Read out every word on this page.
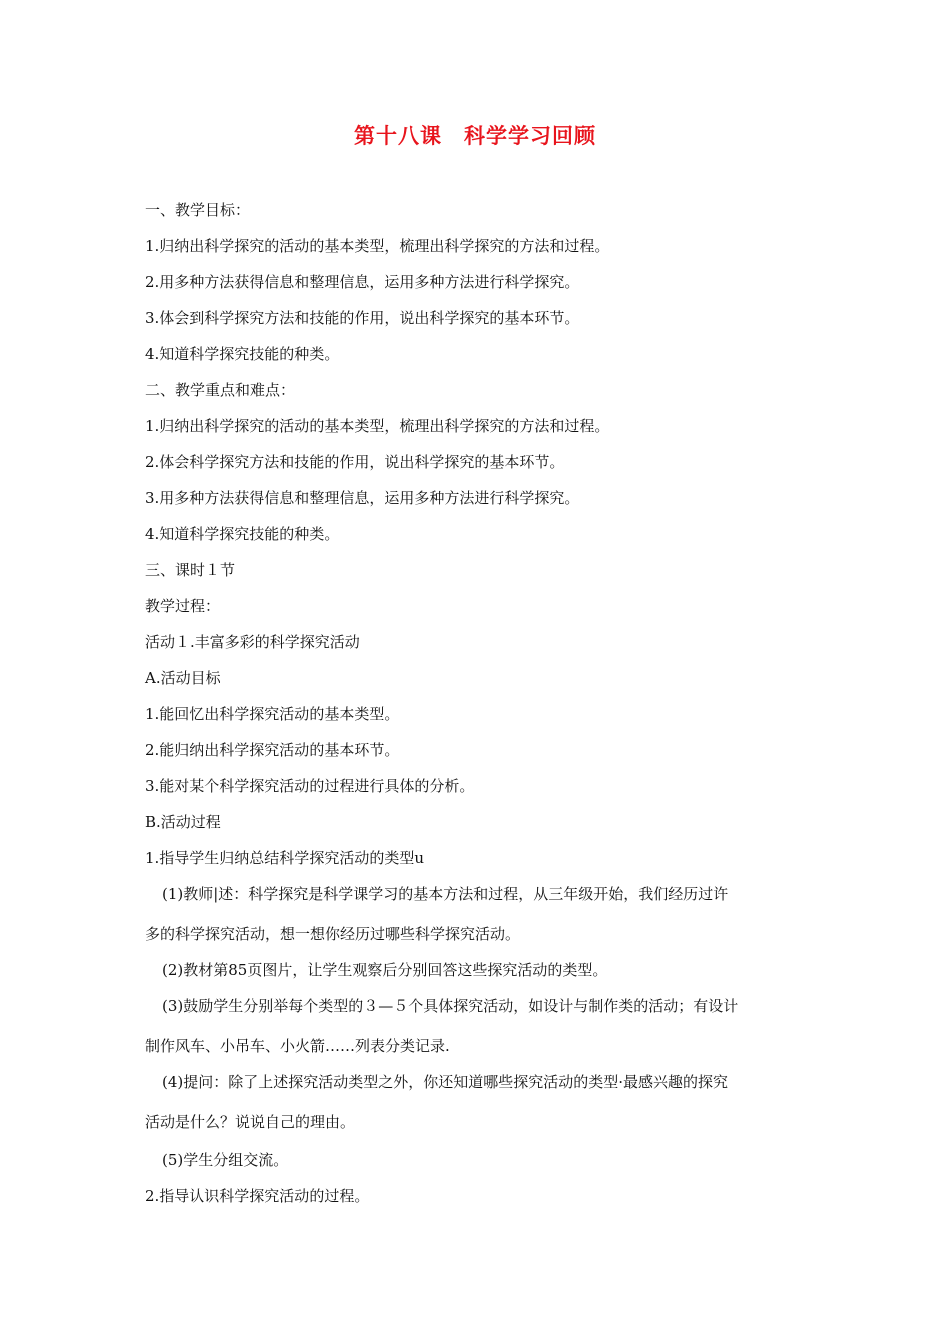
第十八课　科学学习回顾
一、教学目标：
1.归纳出科学探究的活动的基本类型，梳理出科学探究的方法和过程。
2.用多种方法获得信息和整理信息，运用多种方法进行科学探究。
3.体会到科学探究方法和技能的作用，说出科学探究的基本环节。
4.知道科学探究技能的种类。
二、教学重点和难点：
1.归纳出科学探究的活动的基本类型，梳理出科学探究的方法和过程。
2.体会科学探究方法和技能的作用，说出科学探究的基本环节。
3.用多种方法获得信息和整理信息，运用多种方法进行科学探究。
4.知道科学探究技能的种类。
三、课时１节
教学过程：
活动１.丰富多彩的科学探究活动
A.活动目标
1.能回忆出科学探究活动的基本类型。
2.能归纳出科学探究活动的基本环节。
3.能对某个科学探究活动的过程进行具体的分析。
B.活动过程
1.指导学生归纳总结科学探究活动的类型u
(1)教师|述：科学探究是科学课学习的基本方法和过程，从三年级开始，我们经历过许
多的科学探究活动，想一想你经历过哪些科学探究活动。
(2)教材第85页图片，让学生观察后分别回答这些探究活动的类型。
(3)鼓励学生分别举每个类型的３—５个具体探究活动，如设计与制作类的活动；有设计
制作风车、小吊车、小火箭……列表分类记录.
(4)提问：除了上述探究活动类型之外，你还知道哪些探究活动的类型·最感兴趣的探究
活动是什么？说说自己的理由。
(5)学生分组交流。
2.指导认识科学探究活动的过程。
